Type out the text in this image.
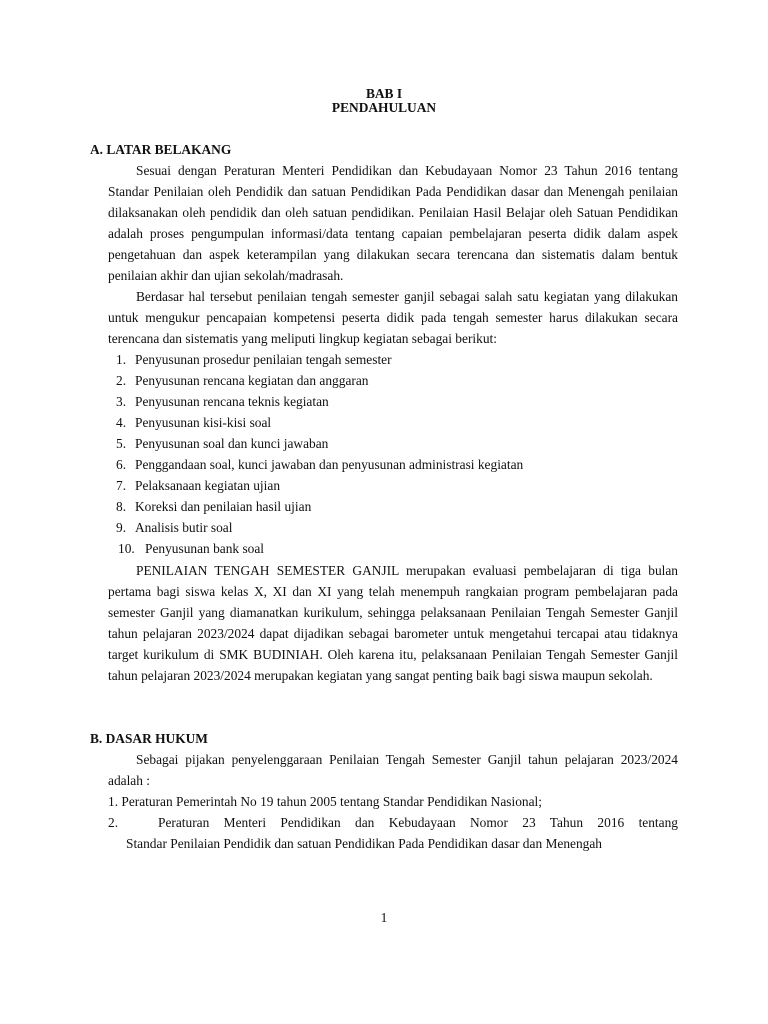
BAB I
PENDAHULUAN
A. LATAR BELAKANG

Sesuai dengan Peraturan Menteri Pendidikan dan Kebudayaan Nomor 23 Tahun 2016 tentang Standar Penilaian oleh Pendidik dan satuan Pendidikan Pada Pendidikan dasar dan Menengah penilaian dilaksanakan oleh pendidik dan oleh satuan pendidikan. Penilaian Hasil Belajar oleh Satuan Pendidikan adalah proses pengumpulan informasi/data tentang capaian pembelajaran peserta didik dalam aspek pengetahuan dan aspek keterampilan yang dilakukan secara terencana dan sistematis dalam bentuk penilaian akhir dan ujian sekolah/madrasah.

Berdasar hal tersebut penilaian tengah semester ganjil sebagai salah satu kegiatan yang dilakukan untuk mengukur pencapaian kompetensi peserta didik pada tengah semester harus dilakukan secara terencana dan sistematis yang meliputi lingkup kegiatan sebagai berikut:

1. Penyusunan prosedur penilaian tengah semester
2. Penyusunan rencana kegiatan dan anggaran
3. Penyusunan rencana teknis kegiatan
4. Penyusunan kisi-kisi soal
5. Penyusunan soal dan kunci jawaban
6. Penggandaan soal, kunci jawaban dan penyusunan administrasi kegiatan
7. Pelaksanaan kegiatan ujian
8. Koreksi dan penilaian hasil ujian
9. Analisis butir soal
10. Penyusunan bank soal

PENILAIAN TENGAH SEMESTER GANJIL merupakan evaluasi pembelajaran di tiga bulan pertama bagi siswa kelas X, XI dan XI yang telah menempuh rangkaian program pembelajaran pada semester Ganjil yang diamanatkan kurikulum, sehingga pelaksanaan Penilaian Tengah Semester Ganjil tahun pelajaran 2023/2024 dapat dijadikan sebagai barometer untuk mengetahui tercapai atau tidaknya target kurikulum di SMK BUDINIAH. Oleh karena itu, pelaksanaan Penilaian Tengah Semester Ganjil tahun pelajaran 2023/2024 merupakan kegiatan yang sangat penting baik bagi siswa maupun sekolah.

B. DASAR HUKUM

Sebagai pijakan penyelenggaraan Penilaian Tengah Semester Ganjil tahun pelajaran 2023/2024 adalah :

1. Peraturan Pemerintah No 19 tahun 2005 tentang Standar Pendidikan Nasional;

2.	Peraturan Menteri Pendidikan dan Kebudayaan Nomor 23 Tahun 2016 tentang

Standar Penilaian Pendidik dan satuan Pendidikan Pada Pendidikan dasar dan Menengah

1
